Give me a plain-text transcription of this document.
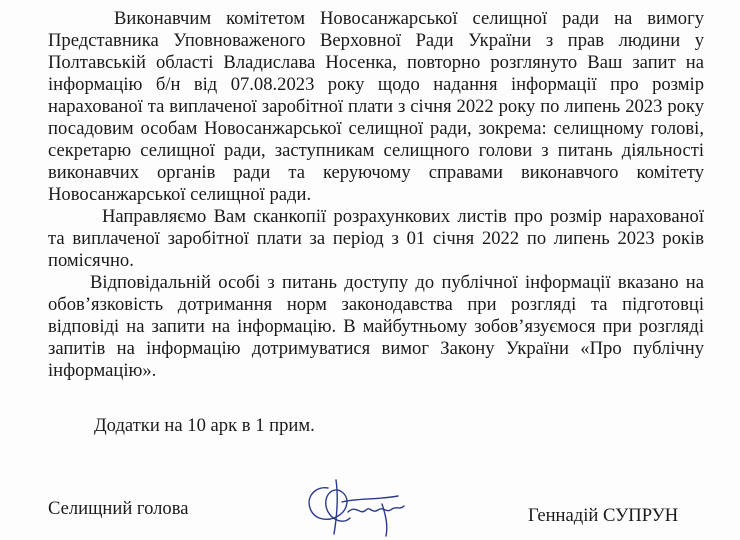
Виконавчим комітетом Новосанжарської селищної ради на вимогу Представника Уповноваженого Верховної Ради України з прав людини у Полтавській області Владислава Носенка, повторно розглянуто Ваш запит на інформацію б/н від 07.08.2023 року щодо надання інформації про розмір нарахованої та виплаченої заробітної плати з січня 2022 року по липень 2023 року посадовим особам Новосанжарської селищної ради, зокрема: селищному голові, секретарю селищної ради, заступникам селищного голови з питань діяльності виконавчих органів ради та керуючому справами виконавчого комітету Новосанжарської селищної ради.

Направляємо Вам сканкопії розрахункових листів про розмір нарахованої та виплаченої заробітної плати за період з 01 січня 2022 по липень 2023 років помісячно.

Відповідальній особі з питань доступу до публічної інформації вказано на обов’язковість дотримання норм законодавства при розгляді та підготовці відповіді на запити на інформацію. В майбутньому зобов’язуємося при розгляді запитів на інформацію дотримуватися вимог Закону України «Про публічну інформацію».

Додатки на 10 арк в 1 прим.

Селищний голова	Геннадій СУПРУН
